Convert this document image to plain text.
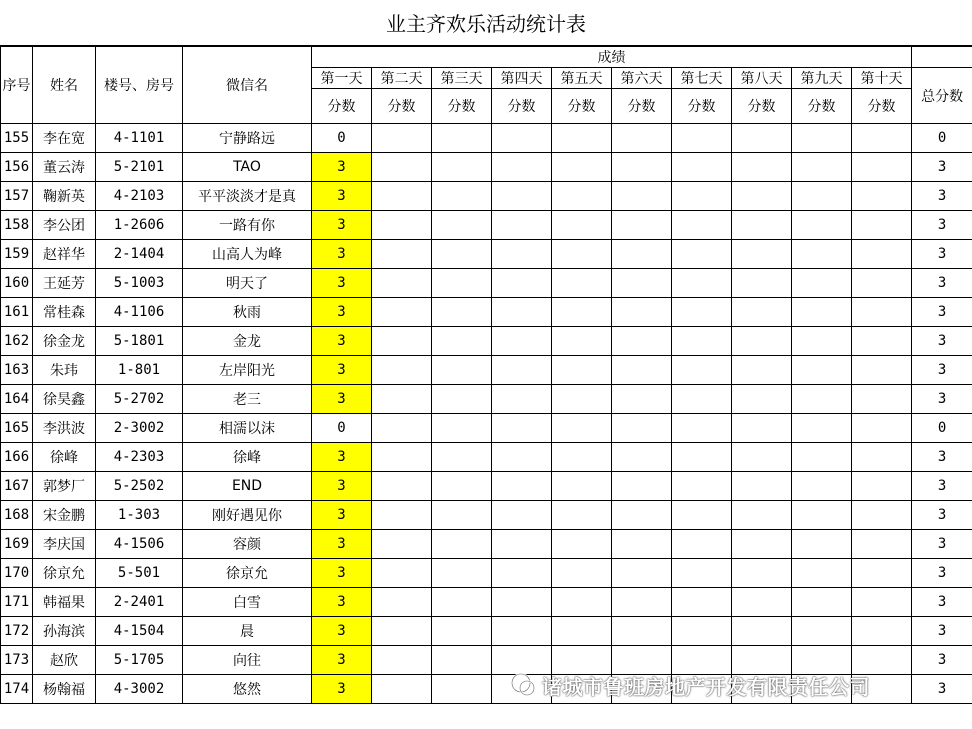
业主齐欢乐活动统计表
序号	姓名	楼号、房号	微信名	成绩										
				第一天	第二天	第三天	第四天	第五天	第六天	第七天	第八天	第九天	第十天	总分数
				分数	分数	分数	分数	分数	分数	分数	分数	分数	分数	
155	李在宽	4-1101	宁静路远	0										0
156	董云涛	5-2101	TAO	3										3
157	鞠新英	4-2103	平平淡淡才是真	3										3
158	李公团	1-2606	一路有你	3										3
159	赵祥华	2-1404	山高人为峰	3										3
160	王延芳	5-1003	明天了	3										3
161	常桂森	4-1106	秋雨	3										3
162	徐金龙	5-1801	金龙	3										3
163	朱玮	1-801	左岸阳光	3										3
164	徐昊鑫	5-2702	老三	3										3
165	李洪波	2-3002	相濡以沫	0										0
166	徐峰	4-2303	徐峰	3										3
167	郭梦厂	5-2502	END	3										3
168	宋金鹏	1-303	刚好遇见你	3										3
169	李庆国	4-1506	容颜	3										3
170	徐京允	5-501	徐京允	3										3
171	韩福果	2-2401	白雪	3										3
172	孙海滨	4-1504	晨	3										3
173	赵欣	5-1705	向往	3										3
174	杨翰福	4-3002	悠然	3										3
诸城市鲁班房地产开发有限责任公司
